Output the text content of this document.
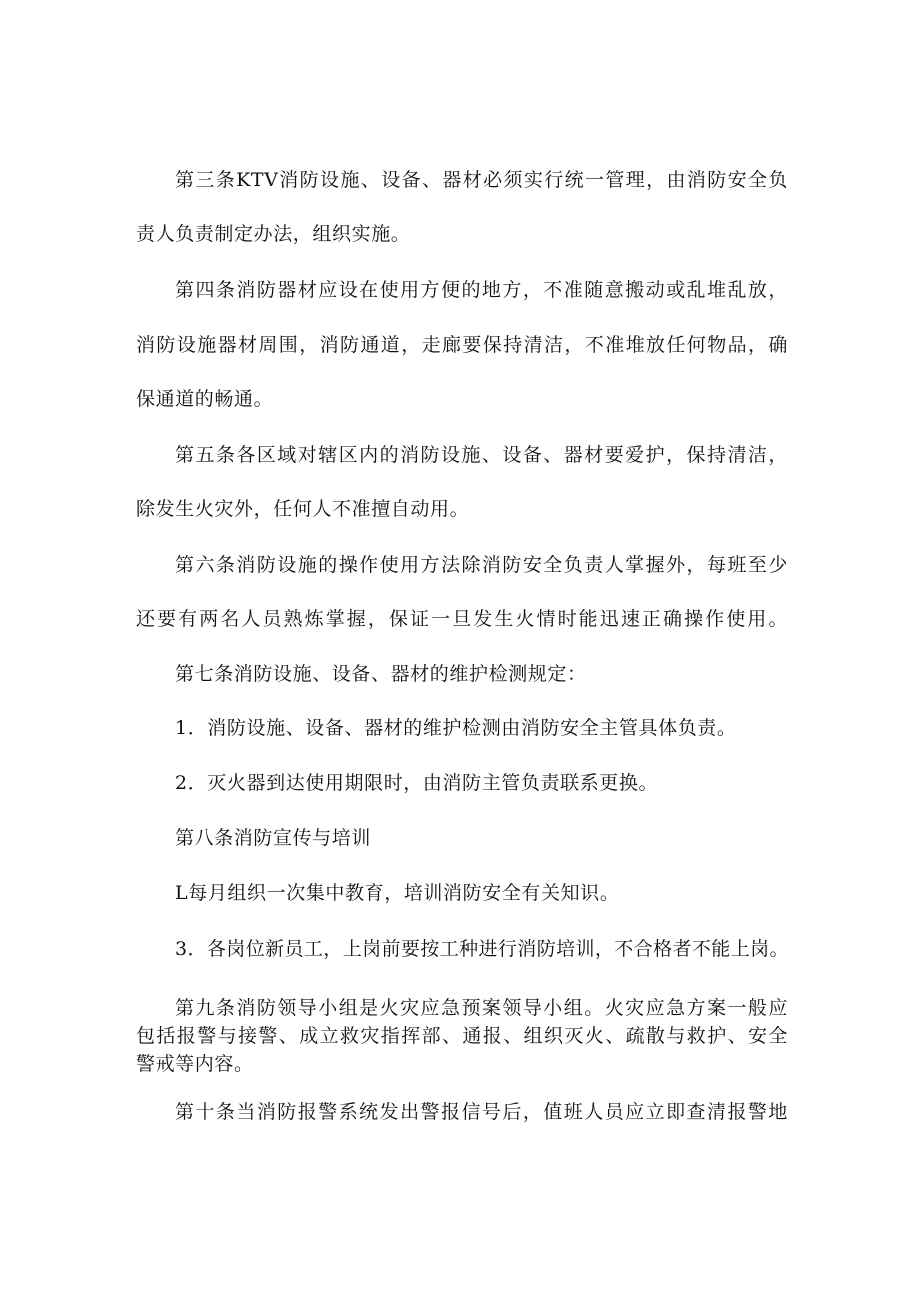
第三条KTV消防设施、设备、器材必须实行统一管理，由消防安全负
责人负责制定办法，组织实施。
第四条消防器材应设在使用方便的地方，不准随意搬动或乱堆乱放，
消防设施器材周围，消防通道，走廊要保持清洁，不准堆放任何物品，确
保通道的畅通。
第五条各区域对辖区内的消防设施、设备、器材要爱护，保持清洁，
除发生火灾外，任何人不准擅自动用。
第六条消防设施的操作使用方法除消防安全负责人掌握外，每班至少
还要有两名人员熟炼掌握，保证一旦发生火情时能迅速正确操作使用。
第七条消防设施、设备、器材的维护检测规定：
1．消防设施、设备、器材的维护检测由消防安全主管具体负责。
2．灭火器到达使用期限时，由消防主管负责联系更换。
第八条消防宣传与培训
L每月组织一次集中教育，培训消防安全有关知识。
3．各岗位新员工，上岗前要按工种进行消防培训，不合格者不能上岗。
第九条消防领导小组是火灾应急预案领导小组。火灾应急方案一般应
包括报警与接警、成立救灾指挥部、通报、组织灭火、疏散与救护、安全
警戒等内容。
第十条当消防报警系统发出警报信号后，值班人员应立即查清报警地
